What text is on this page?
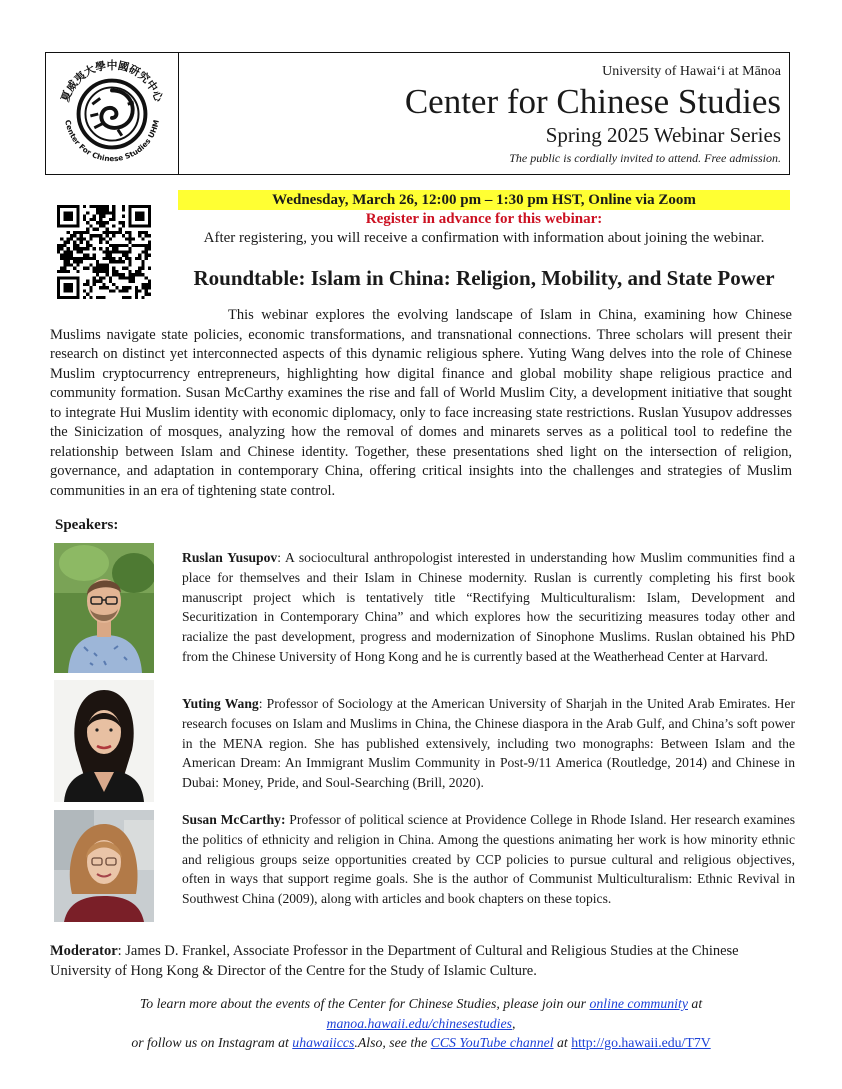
夏威夷大學中國研究中心
Center For Chinese Studies UHM
University of Hawaiʻi at Mānoa
Center for Chinese Studies
Spring 2025 Webinar Series
The public is cordially invited to attend. Free admission.
Wednesday, March 26, 12:00 pm – 1:30 pm HST, Online via Zoom
Register in advance for this webinar:
After registering, you will receive a confirmation with information about joining the webinar.
Roundtable: Islam in China: Religion, Mobility, and State Power
This webinar explores the evolving landscape of Islam in China, examining how Chinese Muslims navigate state policies, economic transformations, and transnational connections. Three scholars will present their research on distinct yet interconnected aspects of this dynamic religious sphere. Yuting Wang delves into the role of Chinese Muslim cryptocurrency entrepreneurs, highlighting how digital finance and global mobility shape religious practice and community formation. Susan McCarthy examines the rise and fall of World Muslim City, a development initiative that sought to integrate Hui Muslim identity with economic diplomacy, only to face increasing state restrictions. Ruslan Yusupov addresses the Sinicization of mosques, analyzing how the removal of domes and minarets serves as a political tool to redefine the relationship between Islam and Chinese identity. Together, these presentations shed light on the intersection of religion, governance, and adaptation in contemporary China, offering critical insights into the challenges and strategies of Muslim communities in an era of tightening state control.
Speakers:
Ruslan Yusupov: A sociocultural anthropologist interested in understanding how Muslim communities find a place for themselves and their Islam in Chinese modernity. Ruslan is currently completing his first book manuscript project which is tentatively title “Rectifying Multiculturalism: Islam, Development and Securitization in Contemporary China” and which explores how the securitizing measures today other and racialize the past development, progress and modernization of Sinophone Muslims. Ruslan obtained his PhD from the Chinese University of Hong Kong and he is currently based at the Weatherhead Center at Harvard.
Yuting Wang: Professor of Sociology at the American University of Sharjah in the United Arab Emirates. Her research focuses on Islam and Muslims in China, the Chinese diaspora in the Arab Gulf, and China’s soft power in the MENA region. She has published extensively, including two monographs: Between Islam and the American Dream: An Immigrant Muslim Community in Post-9/11 America (Routledge, 2014) and Chinese in Dubai: Money, Pride, and Soul-Searching (Brill, 2020).
Susan McCarthy: Professor of political science at Providence College in Rhode Island. Her research examines the politics of ethnicity and religion in China. Among the questions animating her work is how minority ethnic and religious groups seize opportunities created by CCP policies to pursue cultural and religious objectives, often in ways that support regime goals. She is the author of Communist Multiculturalism: Ethnic Revival in Southwest China (2009), along with articles and book chapters on these topics.
Moderator: James D. Frankel, Associate Professor in the Department of Cultural and Religious Studies at the Chinese University of Hong Kong & Director of the Centre for the Study of Islamic Culture.
To learn more about the events of the Center for Chinese Studies, please join our online community at manoa.hawaii.edu/chinesestudies,
or follow us on Instagram at uhawaiiccs.Also, see the CCS YouTube channel at http://go.hawaii.edu/T7V
